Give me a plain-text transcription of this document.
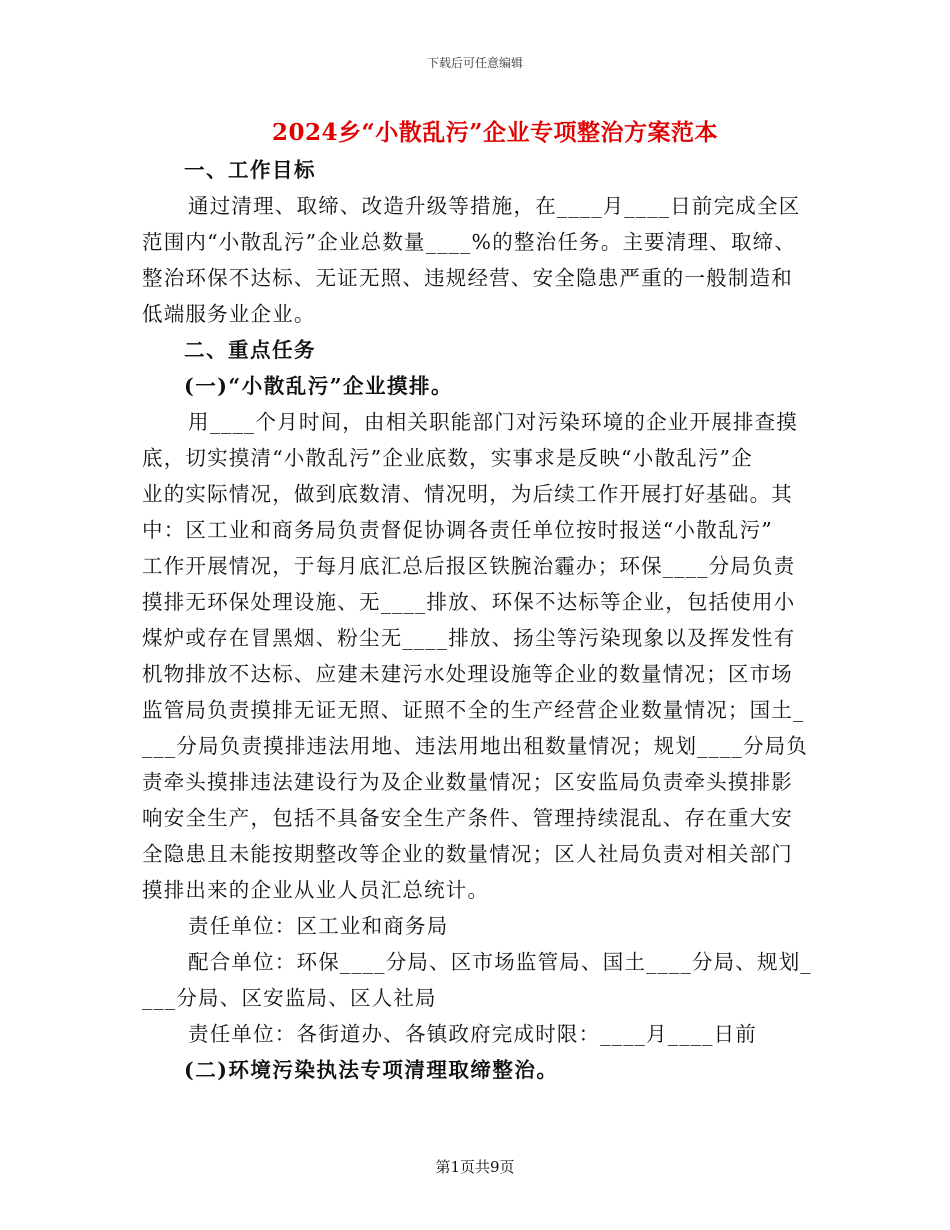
下载后可任意编辑
2024乡“小散乱污”企业专项整治方案范本
一、工作目标
通过清理、取缔、改造升级等措施，在____月____日前完成全区
范围内“小散乱污”企业总数量____%的整治任务。主要清理、取缔、
整治环保不达标、无证无照、违规经营、安全隐患严重的一般制造和
低端服务业企业。
二、重点任务
(一)“小散乱污”企业摸排。
用____个月时间，由相关职能部门对污染环境的企业开展排查摸
底，切实摸清“小散乱污”企业底数，实事求是反映“小散乱污”企
业的实际情况，做到底数清、情况明，为后续工作开展打好基础。其
中：区工业和商务局负责督促协调各责任单位按时报送“小散乱污”
工作开展情况，于每月底汇总后报区铁腕治霾办；环保____分局负责
摸排无环保处理设施、无____排放、环保不达标等企业，包括使用小
煤炉或存在冒黑烟、粉尘无____排放、扬尘等污染现象以及挥发性有
机物排放不达标、应建未建污水处理设施等企业的数量情况；区市场
监管局负责摸排无证无照、证照不全的生产经营企业数量情况；国土_
___分局负责摸排违法用地、违法用地出租数量情况；规划____分局负
责牵头摸排违法建设行为及企业数量情况；区安监局负责牵头摸排影
响安全生产，包括不具备安全生产条件、管理持续混乱、存在重大安
全隐患且未能按期整改等企业的数量情况；区人社局负责对相关部门
摸排出来的企业从业人员汇总统计。
责任单位：区工业和商务局
配合单位：环保____分局、区市场监管局、国土____分局、规划_
___分局、区安监局、区人社局
责任单位：各街道办、各镇政府完成时限：____月____日前
(二)环境污染执法专项清理取缔整治。
第1页共9页
